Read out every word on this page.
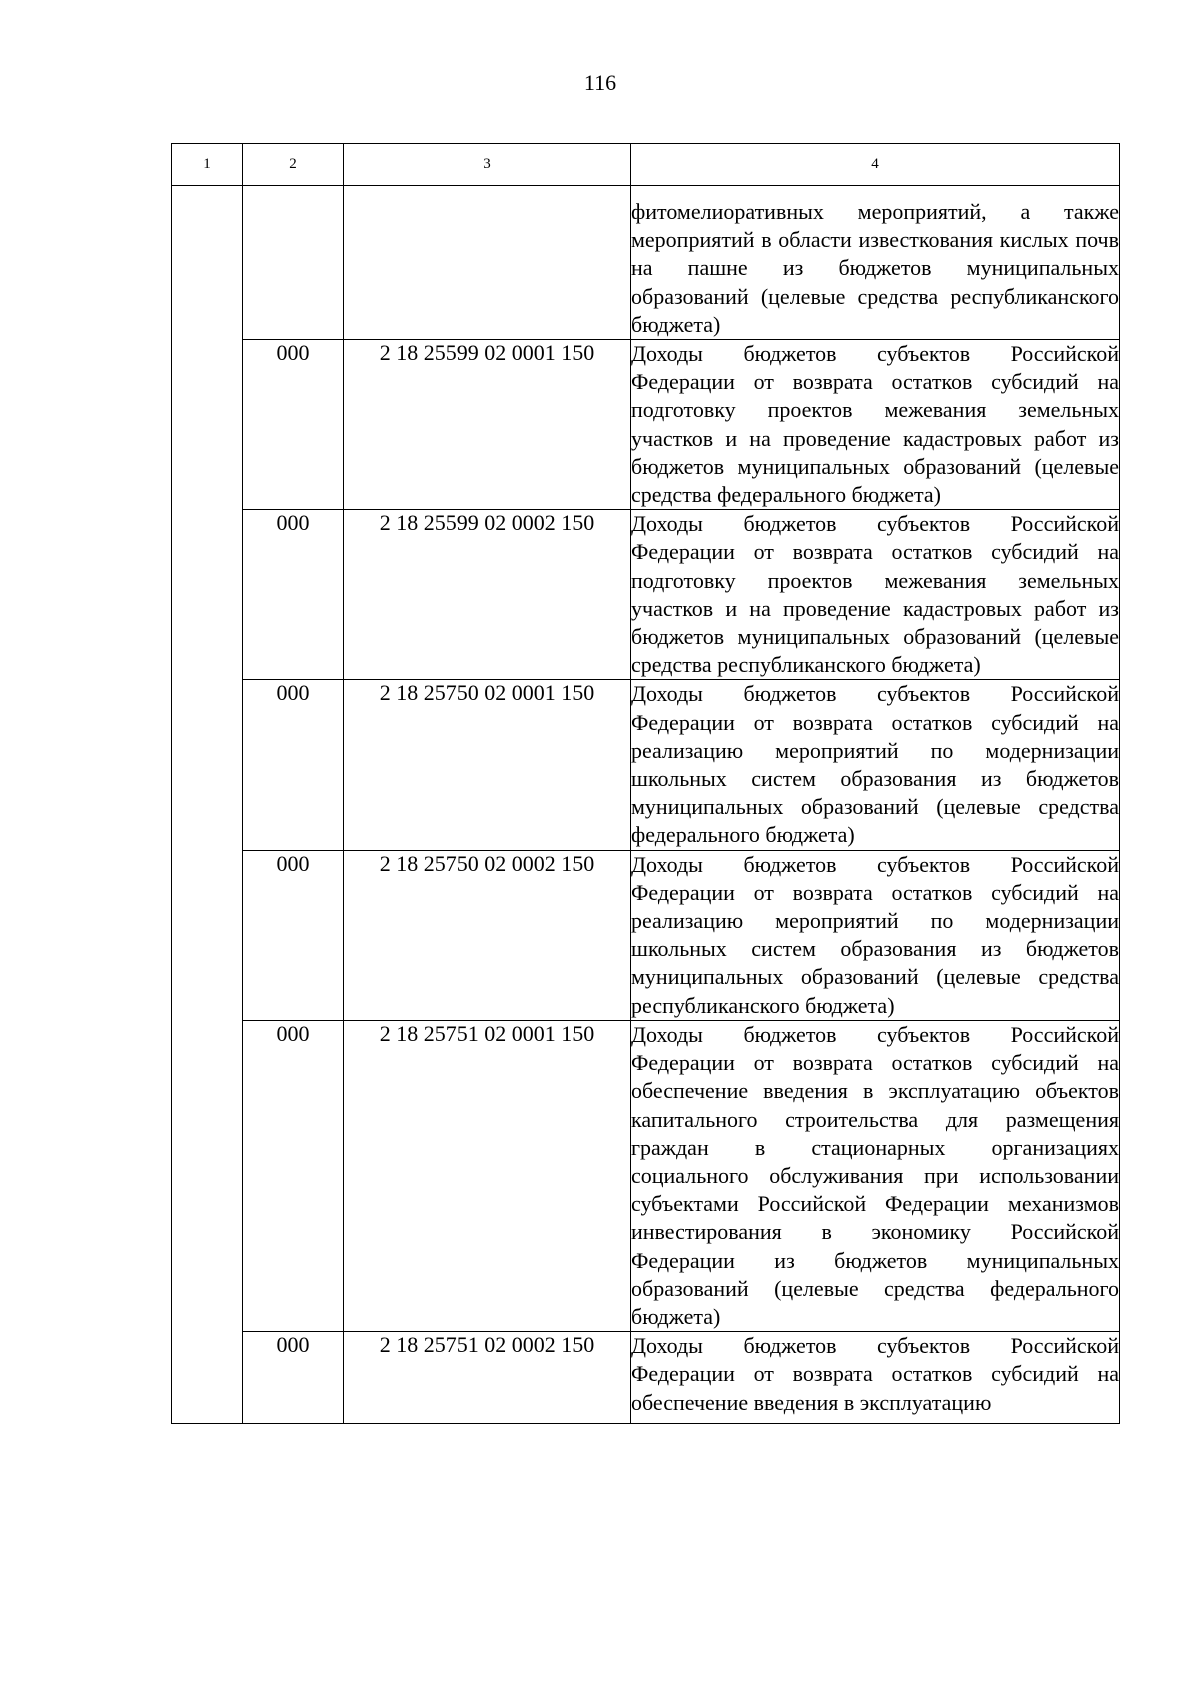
116
1	2	3	4
			фитомелиоративных мероприятий, а также мероприятий в области известкования кислых почв на пашне из бюджетов муниципальных образований (целевые средства республиканского бюджета)
	000	2 18 25599 02 0001 150	Доходы бюджетов субъектов Российской Федерации от возврата остатков субсидий на подготовку проектов межевания земельных участков и на проведение кадастровых работ из бюджетов муниципальных образований (целевые средства федерального бюджета)
	000	2 18 25599 02 0002 150	Доходы бюджетов субъектов Российской Федерации от возврата остатков субсидий на подготовку проектов межевания земельных участков и на проведение кадастровых работ из бюджетов муниципальных образований (целевые средства республиканского бюджета)
	000	2 18 25750 02 0001 150	Доходы бюджетов субъектов Российской Федерации от возврата остатков субсидий на реализацию мероприятий по модернизации школьных систем образования из бюджетов муниципальных образований (целевые средства федерального бюджета)
	000	2 18 25750 02 0002 150	Доходы бюджетов субъектов Российской Федерации от возврата остатков субсидий на реализацию мероприятий по модернизации школьных систем образования из бюджетов муниципальных образований (целевые средства республиканского бюджета)
	000	2 18 25751 02 0001 150	Доходы бюджетов субъектов Российской Федерации от возврата остатков субсидий на обеспечение введения в эксплуатацию объектов капитального строительства для размещения граждан в стационарных организациях социального обслуживания при использовании субъектами Российской Федерации механизмов инвестирования в экономику Российской Федерации из бюджетов муниципальных образований (целевые средства федерального бюджета)
	000	2 18 25751 02 0002 150	Доходы бюджетов субъектов Российской Федерации от возврата остатков субсидий на обеспечение введения в эксплуатацию
